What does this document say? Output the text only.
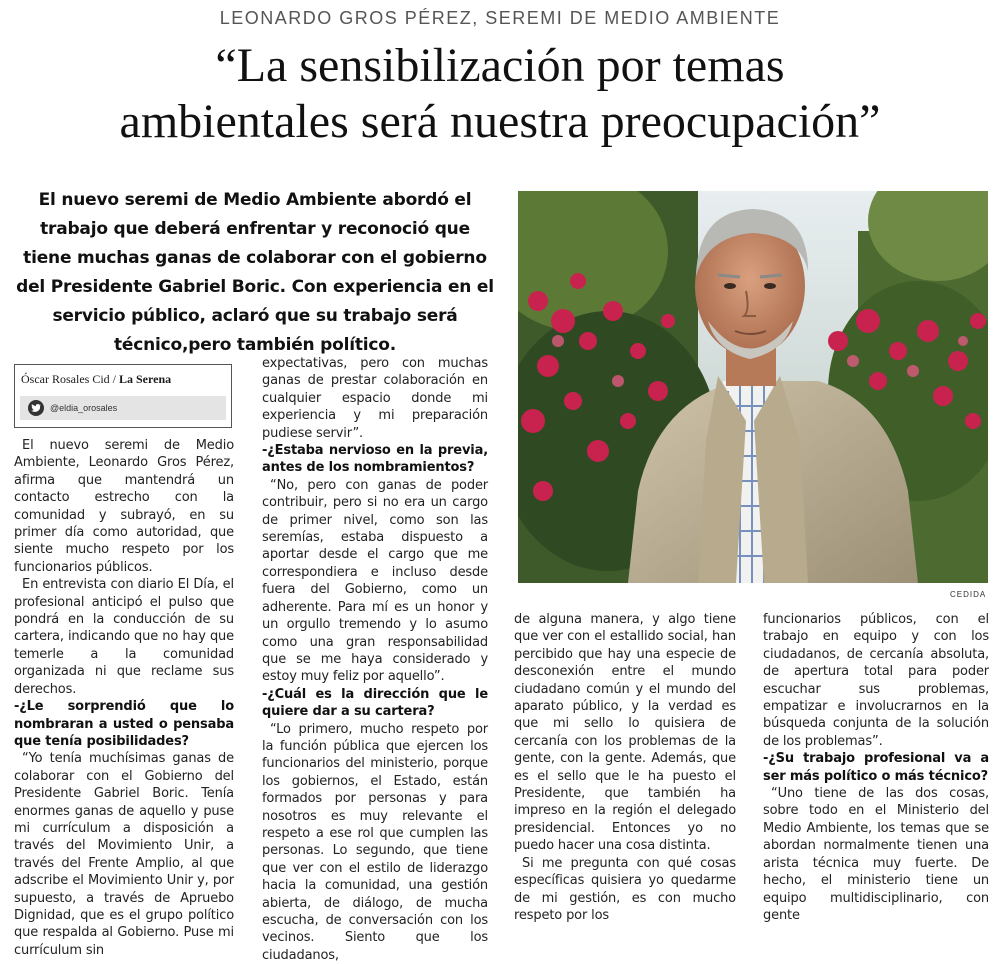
LEONARDO GROS PÉREZ, SEREMI DE MEDIO AMBIENTE
“La sensibilización por temas
ambientales será nuestra preocupación”
El nuevo seremi de Medio Ambiente abordó el trabajo que deberá enfrentar y reconoció que tiene muchas ganas de colaborar con el gobierno del Presidente Gabriel Boric. Con experiencia en el servicio público, aclaró que su trabajo será técnico,pero también político.
CEDIDA
Óscar Rosales Cid / La Serena
@eldia_orosales

El nuevo seremi de Medio Ambiente, Leonardo Gros Pérez, afirma que mantendrá un contacto estrecho con la comunidad y subrayó, en su primer día como autoridad, que siente mucho respeto por los funcionarios públicos.

En entrevista con diario El Día, el profesional anticipó el pulso que pondrá en la conducción de su cartera, indicando que no hay que temerle a la comunidad organizada ni que reclame sus derechos.

-¿Le sorprendió que lo nombraran a usted o pensaba que tenía posibilidades?

“Yo tenía muchísimas ganas de colaborar con el Gobierno del Presidente Gabriel Boric. Tenía enormes ganas de aquello y puse mi currículum a disposición a través del Movimiento Unir, a través del Frente Amplio, al que adscribe el Movimiento Unir y, por supuesto, a través de Apruebo Dignidad, que es el grupo político que respalda al Gobierno. Puse mi currículum sin

expectativas, pero con muchas ganas de prestar colaboración en cualquier espacio donde mi experiencia y mi preparación pudiese servir”.

-¿Estaba nervioso en la previa, antes de los nombramientos?

“No, pero con ganas de poder contribuir, pero si no era un cargo de primer nivel, como son las seremías, estaba dispuesto a aportar desde el cargo que me correspondiera e incluso desde fuera del Gobierno, como un adherente. Para mí es un honor y un orgullo tremendo y lo asumo como una gran responsabilidad que se me haya considerado y estoy muy feliz por aquello”.

-¿Cuál es la dirección que le quiere dar a su cartera?

“Lo primero, mucho respeto por la función pública que ejercen los funcionarios del ministerio, porque los gobiernos, el Estado, están formados por personas y para nosotros es muy relevante el respeto a ese rol que cumplen las personas. Lo segundo, que tiene que ver con el estilo de liderazgo hacia la comunidad, una gestión abierta, de diálogo, de mucha escucha, de conversación con los vecinos. Siento que los ciudadanos,

de alguna manera, y algo tiene que ver con el estallido social, han percibido que hay una especie de desconexión entre el mundo ciudadano común y el mundo del aparato público, y la verdad es que mi sello lo quisiera de cercanía con los problemas de la gente, con la gente. Además, que es el sello que le ha puesto el Presidente, que también ha impreso en la región el delegado presidencial. Entonces yo no puedo hacer una cosa distinta.

Si me pregunta con qué cosas específicas quisiera yo quedarme de mi gestión, es con mucho respeto por los

funcionarios públicos, con el trabajo en equipo y con los ciudadanos, de cercanía absoluta, de apertura total para poder escuchar sus problemas, empatizar e involucrarnos en la búsqueda conjunta de la solución de los problemas”.

-¿Su trabajo profesional va a ser más político o más técnico?

“Uno tiene de las dos cosas, sobre todo en el Ministerio del Medio Ambiente, los temas que se abordan normalmente tienen una arista técnica muy fuerte. De hecho, el ministerio tiene un equipo multidisciplinario, con gente
